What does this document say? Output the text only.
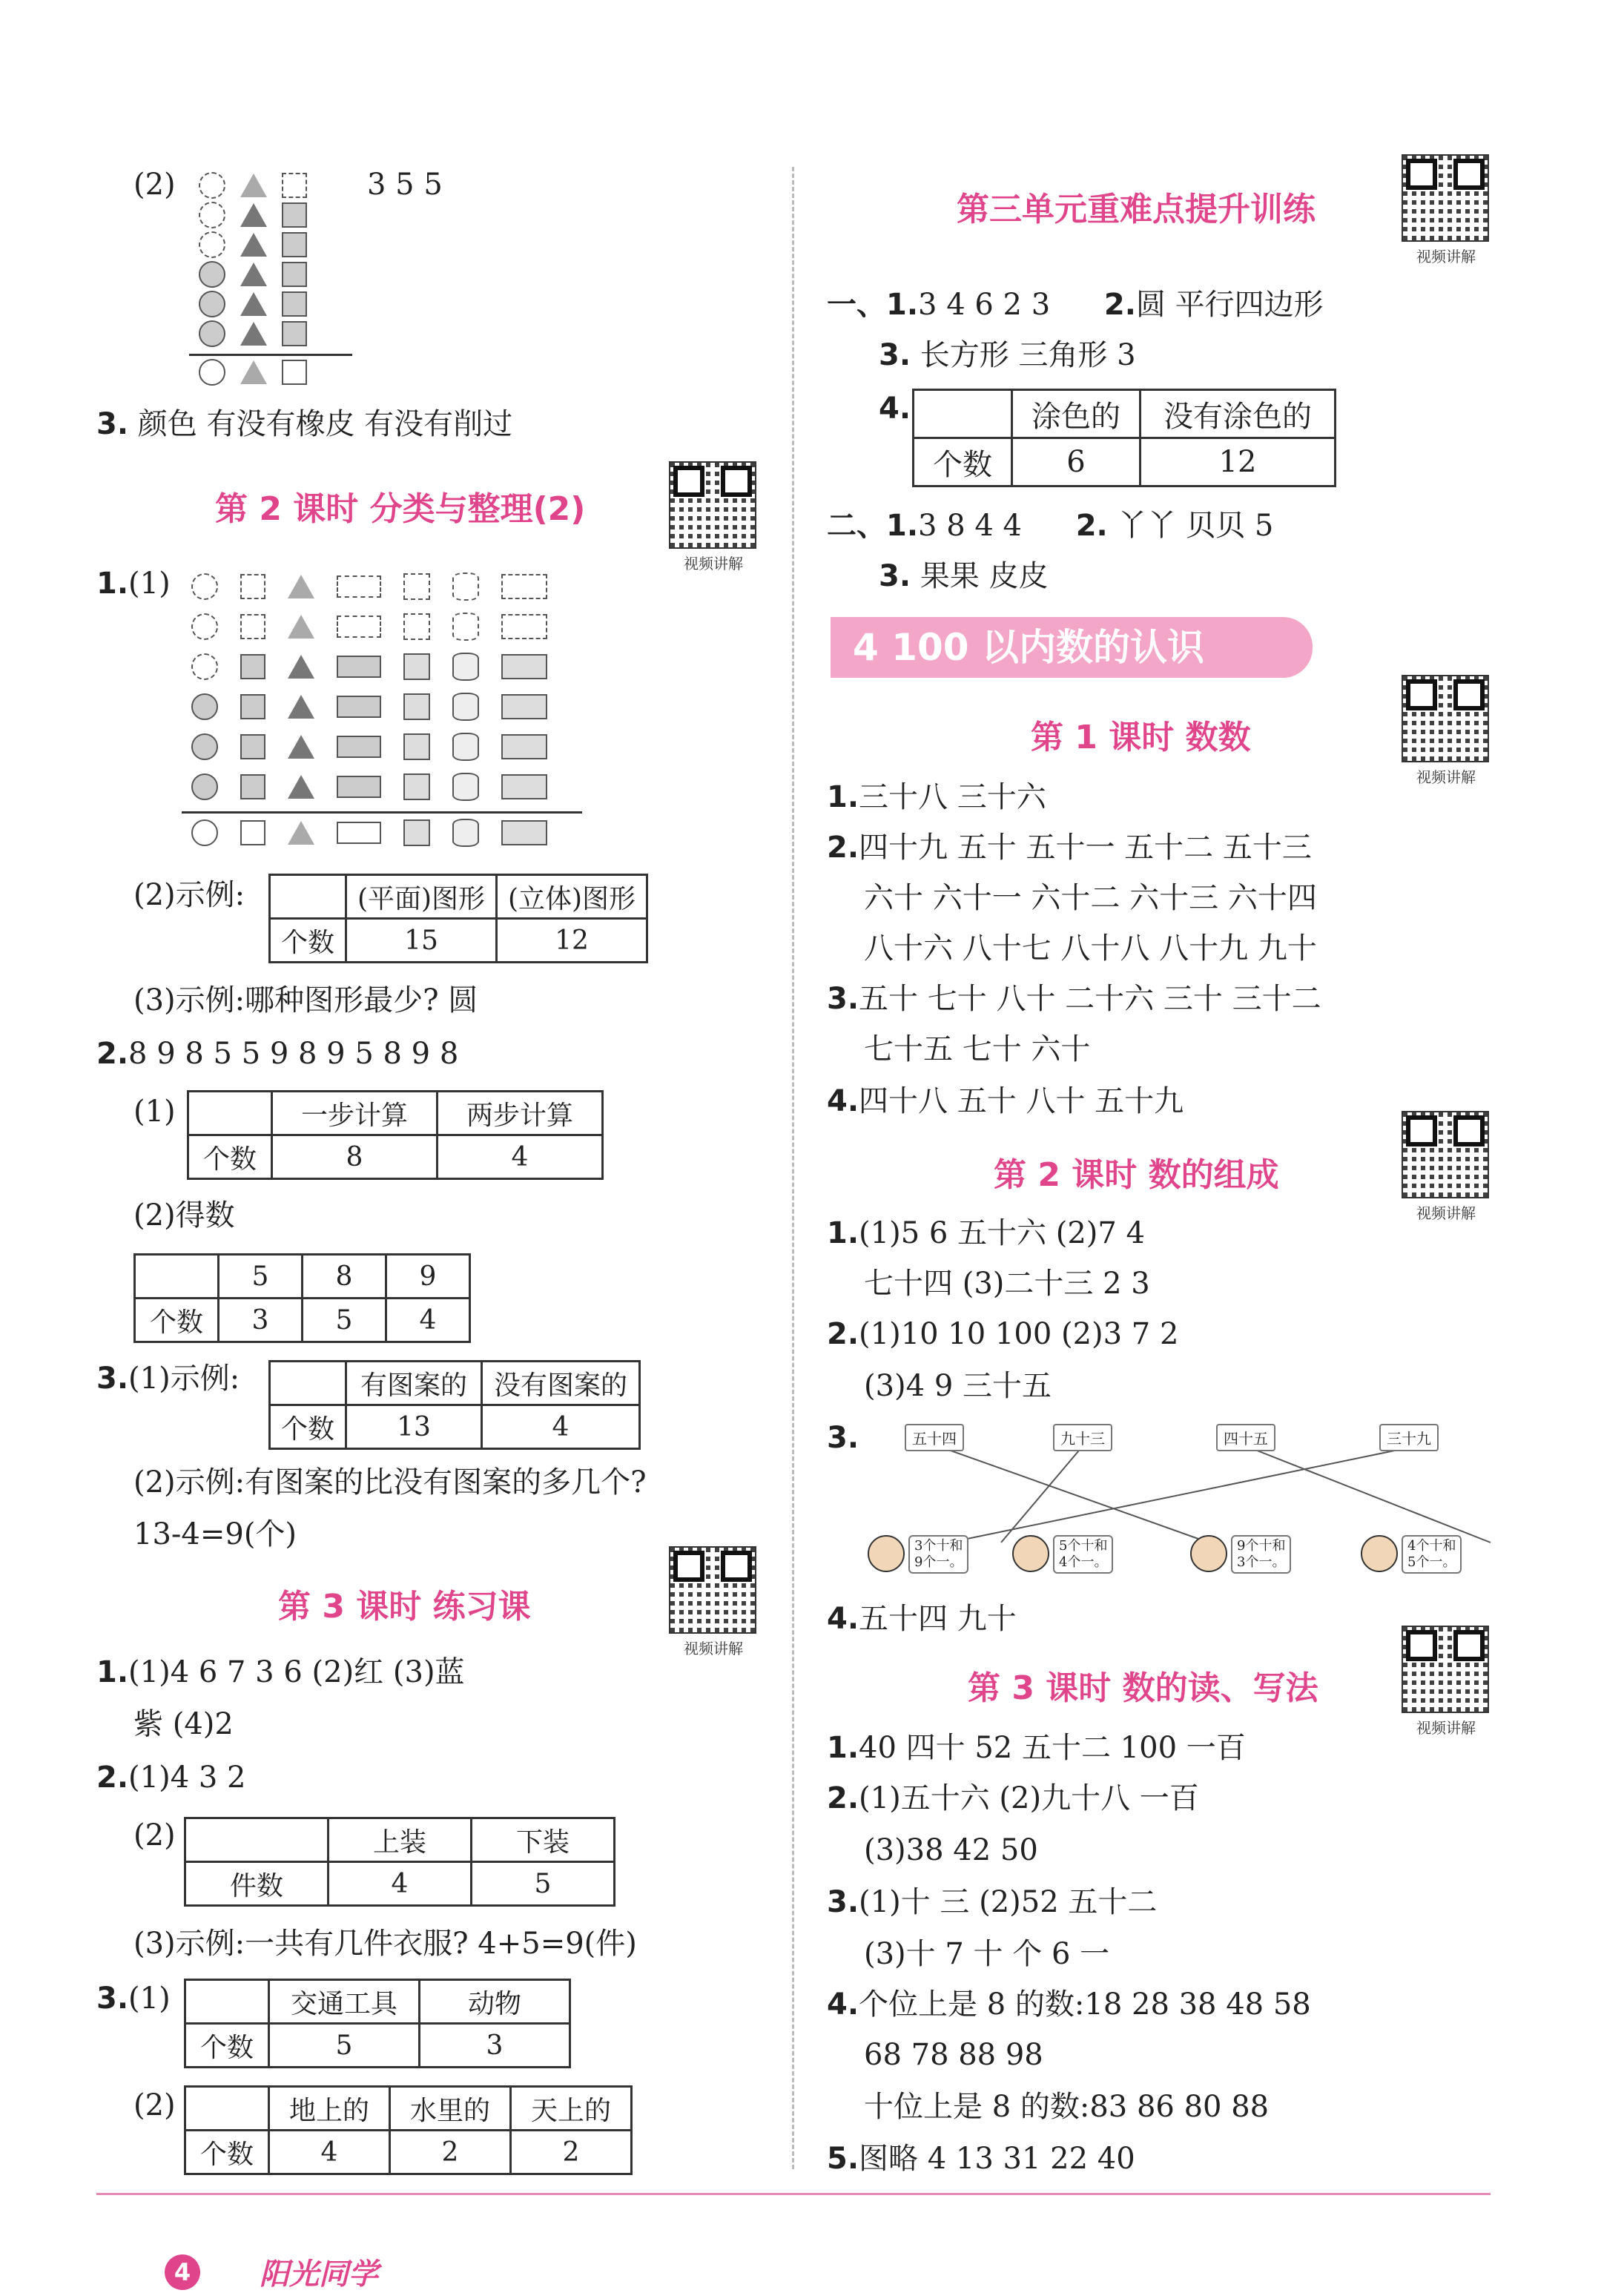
(2)	3 5 5
3. 颜色 有没有橡皮 有没有削过
第 2 课时 分类与整理(2)
视频讲解
1.(1)
(2)示例:
		(平面)图形	(立体)图形
个数	15	12
(3)示例:哪种图形最少? 圆
2.8 9 8 5 5 9 8 9 5 8 9 8
(1)
		一步计算	两步计算
个数	8	4
(2)得数
	5	8	9
个数	3	5	4
3.(1)示例:
		有图案的	没有图案的
个数	13	4
(2)示例:有图案的比没有图案的多几个?
13-4=9(个)
第 3 课时 练习课
视频讲解
1.(1)4 6 7 3 6 (2)红 (3)蓝
紫 (4)2
2.(1)4 3 2
(2)
		上装	下装
件数	4	5
(3)示例:一共有几件衣服? 4+5=9(件)
3.(1)
		交通工具	动物
个数	5	3
(2)
		地上的	水里的	天上的
个数	4	2	2
第三单元重难点提升训练
视频讲解
一、1.3 4 6 2 3 2.圆 平行四边形
3. 长方形 三角形 3
4.
		涂色的	没有涂色的
个数	6	12
二、1.3 8 4 4 2. 丫丫 贝贝 5
3. 果果 皮皮
4 100 以内数的认识
第 1 课时 数数
视频讲解
1.三十八 三十六
2.四十九 五十 五十一 五十二 五十三
六十 六十一 六十二 六十三 六十四
八十六 八十七 八十八 八十九 九十
3.五十 七十 八十 二十六 三十 三十二
七十五 七十 六十
4.四十八 五十 八十 五十九
第 2 课时 数的组成
视频讲解
1.(1)5 6 五十六 (2)7 4
七十四 (3)二十三 2 3
2.(1)10 10 100 (2)3 7 2
(3)4 9 三十五
3.	五十四	九十三	四十五	三十九
3个十和
9个一。
5个十和
4个一。
9个十和
3个一。
4个十和
5个一。
4.五十四 九十
第 3 课时 数的读、写法
视频讲解
1.40 四十 52 五十二 100 一百
2.(1)五十六 (2)九十八 一百
(3)38 42 50
3.(1)十 三 (2)52 五十二
(3)十 7 十 个 6 一
4.个位上是 8 的数:18 28 38 48 58
68 78 88 98
十位上是 8 的数:83 86 80 88
5.图略 4 13 31 22 40
4	阳光同学
